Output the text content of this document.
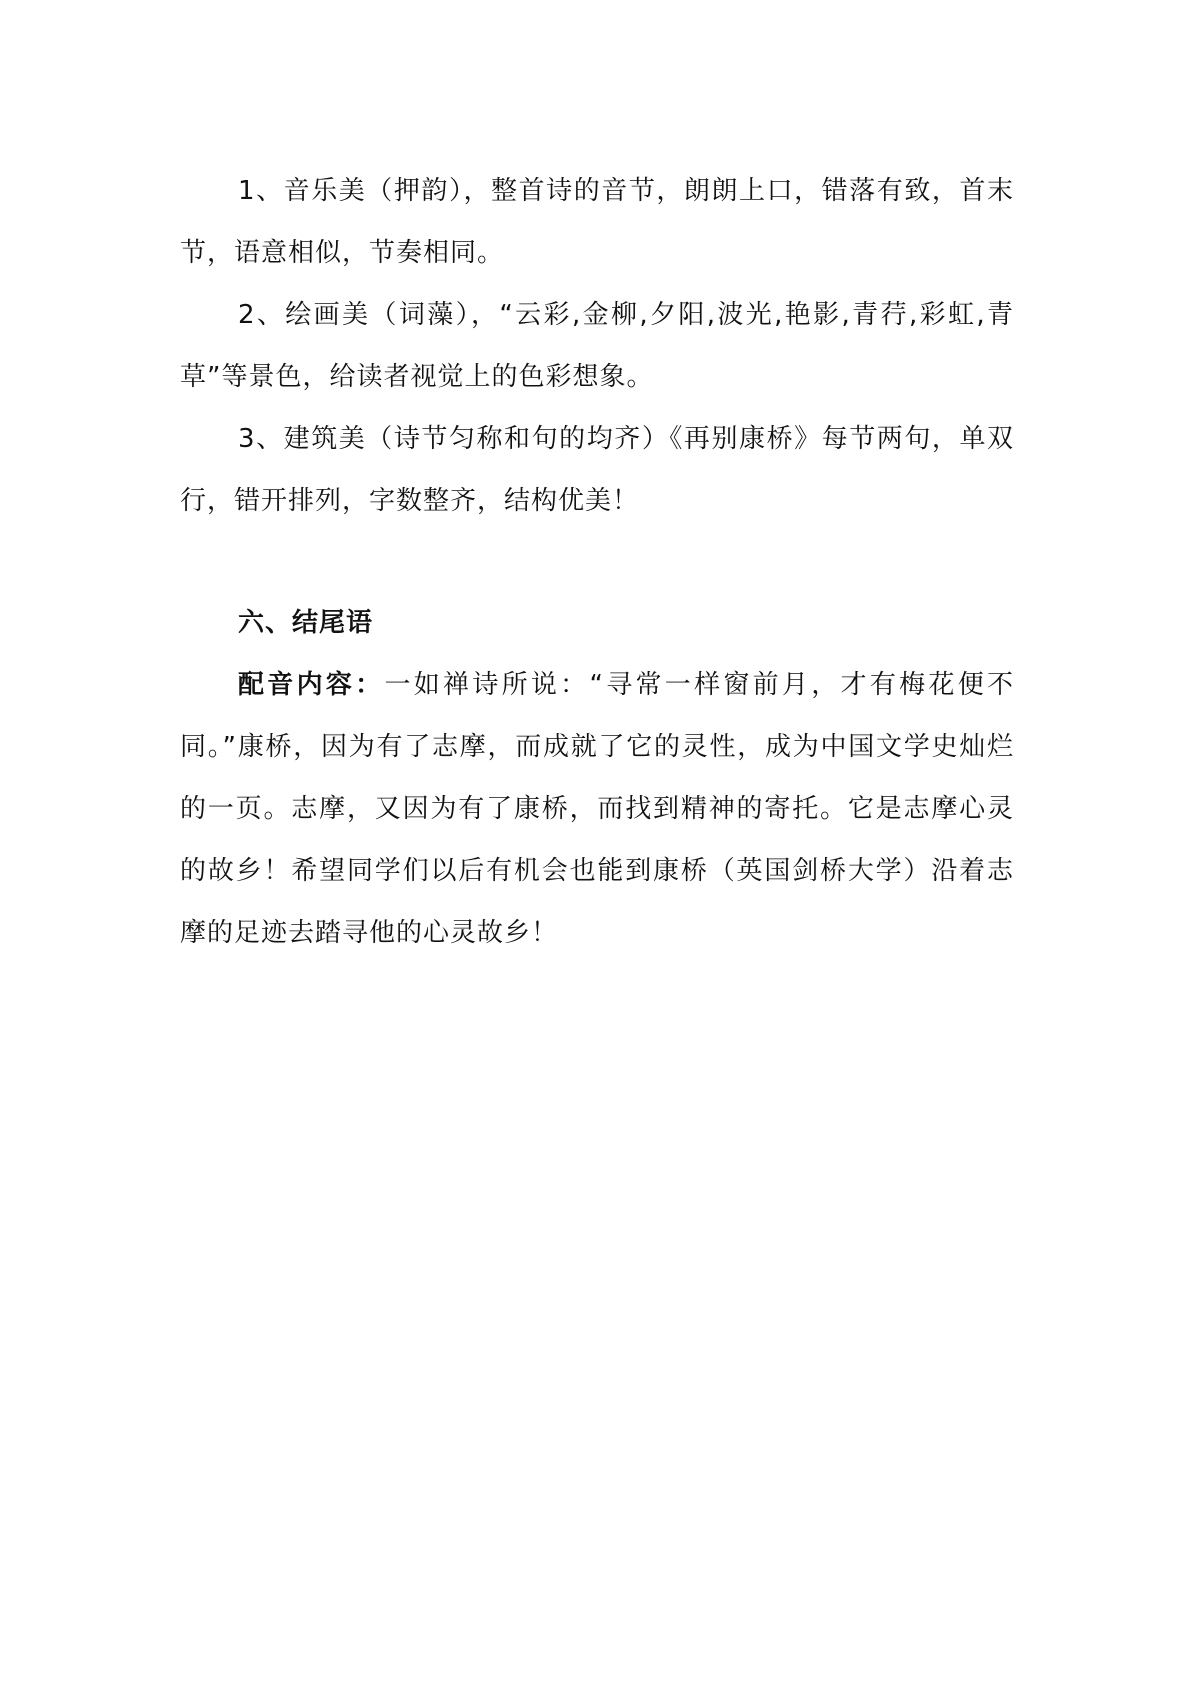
1、音乐美（押韵），整首诗的音节，朗朗上口，错落有致，首末节，语意相似，节奏相同。

2、绘画美（词藻），“云彩,金柳,夕阳,波光,艳影,青荇,彩虹,青草”等景色，给读者视觉上的色彩想象。

3、建筑美（诗节匀称和句的均齐）《再别康桥》每节两句，单双行，错开排列，字数整齐，结构优美！

六、结尾语

配音内容：一如禅诗所说：“寻常一样窗前月，才有梅花便不同。”康桥，因为有了志摩，而成就了它的灵性，成为中国文学史灿烂的一页。志摩，又因为有了康桥，而找到精神的寄托。它是志摩心灵的故乡！希望同学们以后有机会也能到康桥（英国剑桥大学）沿着志摩的足迹去踏寻他的心灵故乡！
